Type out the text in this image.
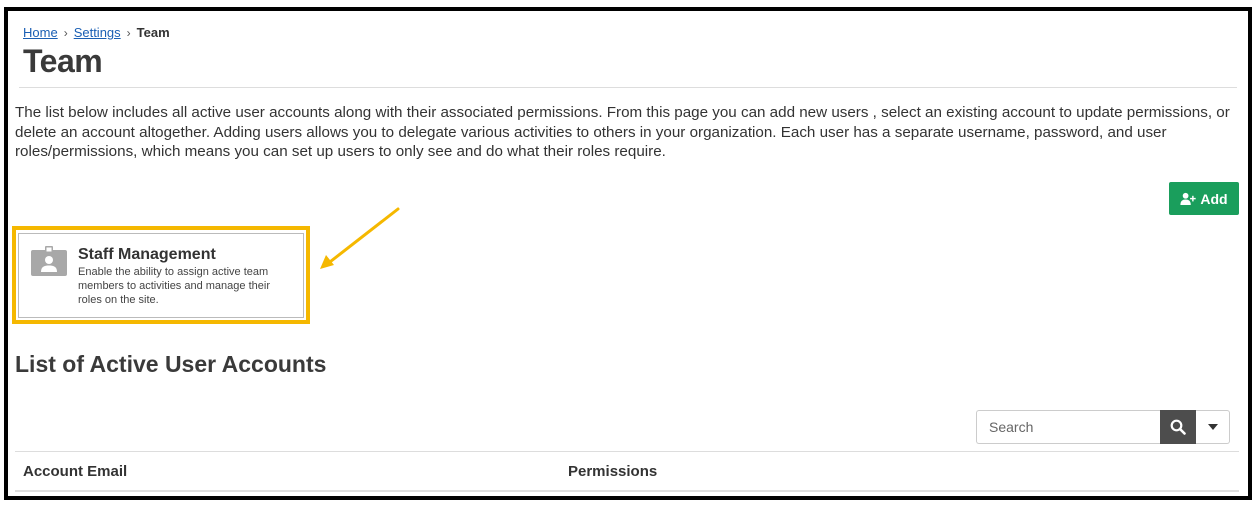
Home › Settings › Team
Team

The list below includes all active user accounts along with their associated permissions. From this page you can add new users , select an existing account to update permissions, or delete an account altogether. Adding users allows you to delegate various activities to others in your organization. Each user has a separate username, password, and user roles/permissions, which means you can set up users to only see and do what their roles require.

Add
Staff Management
Enable the ability to assign active team members to activities and manage their roles on the site.
List of Active User Accounts
Search
Account Email	Permissions
